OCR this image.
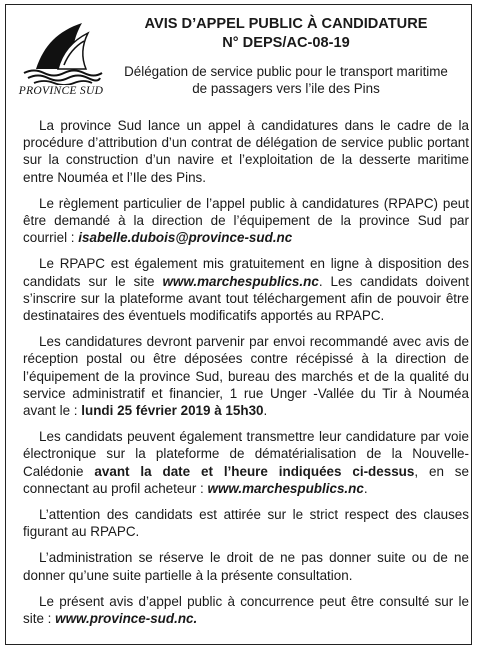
PROVINCE SUD

AVIS D’APPEL PUBLIC À CANDIDATURE
N° DEPS/AC-08-19

Délégation de service public pour le transport maritime
de passagers vers l’ile des Pins

La province Sud lance un appel à candidatures dans le cadre de la procédure d’attribution d’un contrat de délégation de service public portant sur la construction d’un navire et l’exploitation de la desserte maritime entre Nouméa et l’Ile des Pins.

Le règlement particulier de l’appel public à candidatures (RPAPC) peut être demandé à la direction de l’équipement de la province Sud par courriel : isabelle.dubois@province-sud.nc

Le RPAPC est également mis gratuitement en ligne à disposition des candidats sur le site www.marchespublics.nc. Les candidats doivent s’inscrire sur la plateforme avant tout téléchargement afin de pouvoir être destinataires des éventuels modificatifs apportés au RPAPC.

Les candidatures devront parvenir par envoi recommandé avec avis de réception postal ou être déposées contre récépissé à la direction de l’équipement de la province Sud, bureau des marchés et de la qualité du service administratif et financier, 1 rue Unger -Vallée du Tir à Nouméa avant le : lundi 25 février 2019 à 15h30.

Les candidats peuvent également transmettre leur candidature par voie électronique sur la plateforme de dématérialisation de la Nouvelle-Calédonie avant la date et l’heure indiquées ci-dessus, en se connectant au profil acheteur : www.marchespublics.nc.

L’attention des candidats est attirée sur le strict respect des clauses figurant au RPAPC.

L’administration se réserve le droit de ne pas donner suite ou de ne donner qu’une suite partielle à la présente consultation.

Le présent avis d’appel public à concurrence peut être consulté sur le site : www.province-sud.nc.
